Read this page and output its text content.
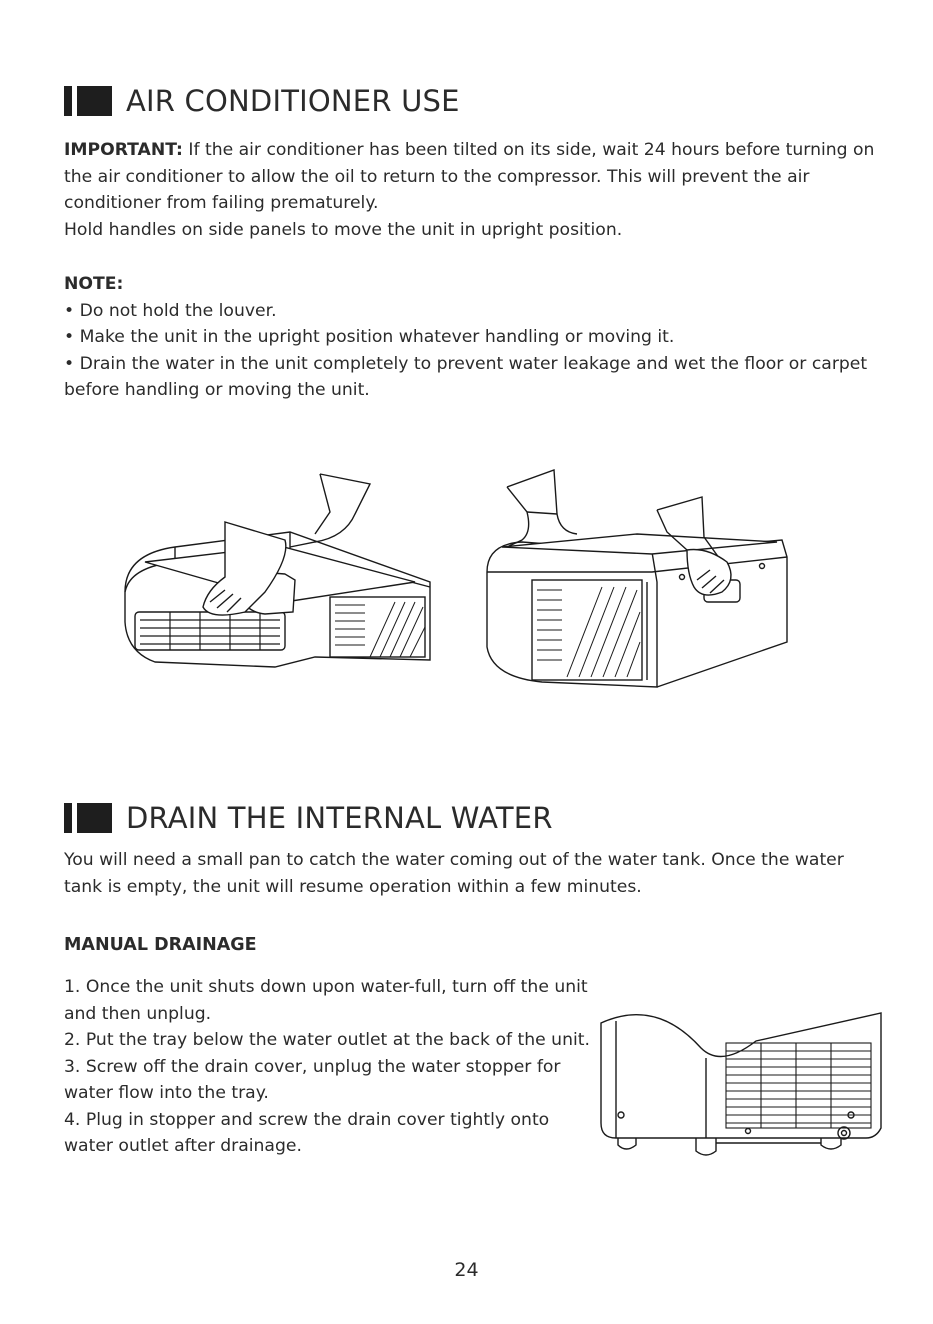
AIR CONDITIONER USE

IMPORTANT: If the air conditioner has been tilted on its side, wait 24 hours before turning on the air conditioner to allow the oil to return to the compressor. This will prevent the air conditioner from failing prematurely.

Hold handles on side panels to move the unit in upright position.

NOTE:

• Do not hold the louver.

• Make the unit in the upright position whatever handling or moving it.

• Drain the water in the unit completely to prevent water leakage and wet the floor or carpet before handling or moving the unit.

DRAIN THE INTERNAL WATER

You will need a small pan to catch the water coming out of the water tank. Once the water tank is empty, the unit will resume operation within a few minutes.

MANUAL DRAINAGE

1. Once the unit shuts down upon water-full, turn off the unit and then unplug.

2. Put the tray below the water outlet at the back of the unit.

3. Screw off the drain cover, unplug the water stopper for water flow into the tray.

4. Plug in stopper and screw the drain cover tightly onto water outlet after drainage.

24
